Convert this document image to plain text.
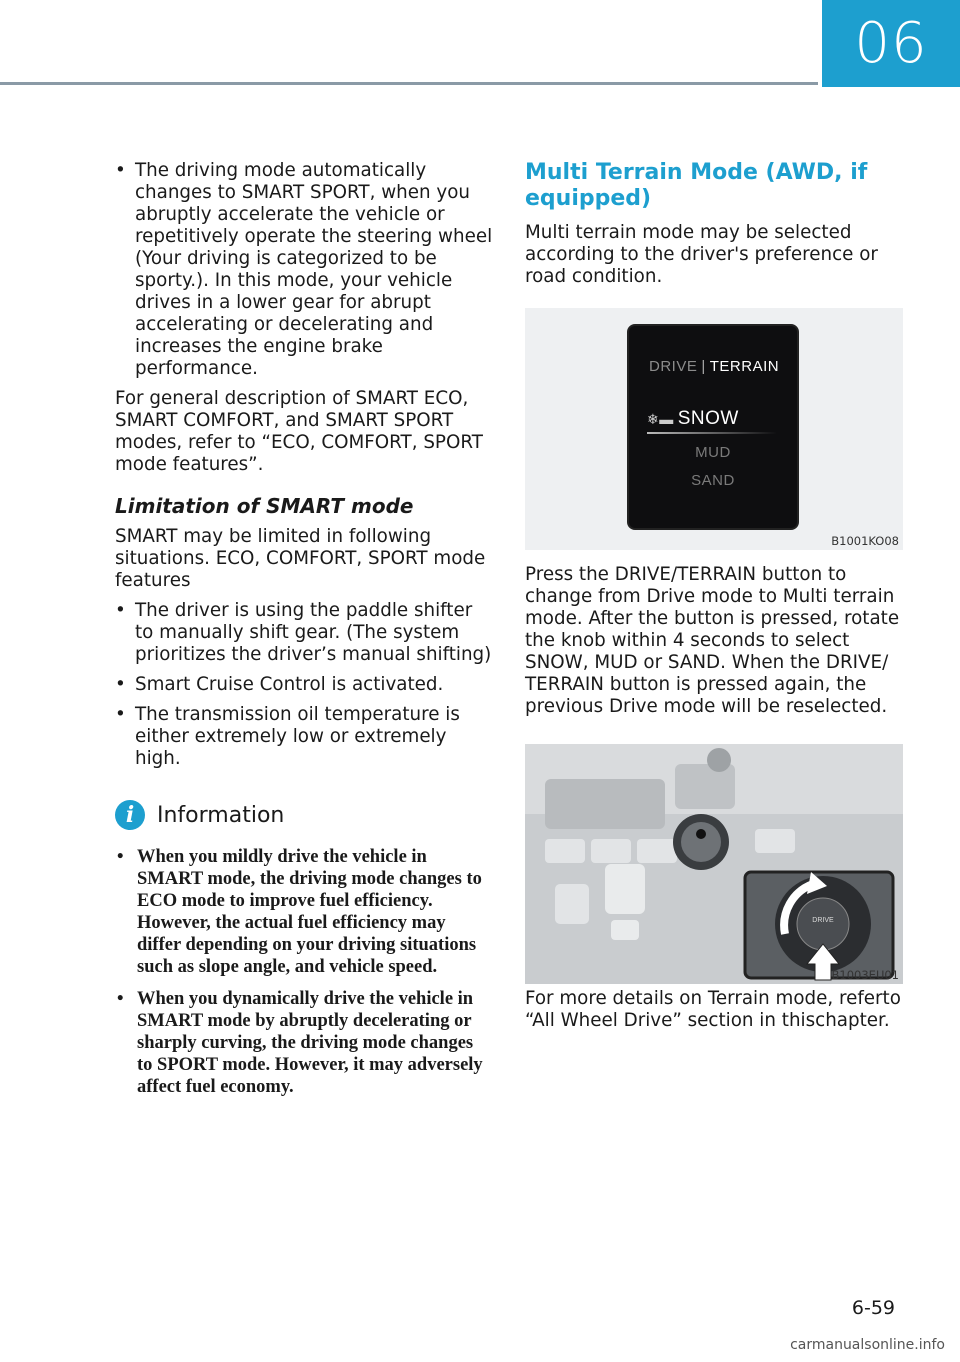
06
• The driving mode automatically changes to SMART SPORT, when you abruptly accelerate the vehicle or repetitively operate the steering wheel (Your driving is categorized to be sporty.). In this mode, your vehicle drives in a lower gear for abrupt accelerating or decelerating and increases the engine brake performance.

For general description of SMART ECO, SMART COMFORT, and SMART SPORT modes, refer to “ECO, COMFORT, SPORT mode features”.

Limitation of SMART mode

SMART may be limited in following situations. ECO, COMFORT, SPORT mode features

• The driver is using the paddle shifter to manually shift gear. (The system prioritizes the driver’s manual shifting)
• Smart Cruise Control is activated.
• The transmission oil temperature is either extremely low or extremely high.
i	Information
• When you mildly drive the vehicle in SMART mode, the driving mode changes to ECO mode to improve fuel efficiency. However, the actual fuel efficiency may differ depending on your driving situations such as slope angle, and vehicle speed.
• When you dynamically drive the vehicle in SMART mode by abruptly decelerating or sharply curving, the driving mode changes to SPORT mode. However, it may adversely affect fuel economy.
Multi Terrain Mode (AWD, if equipped)

Multi terrain mode may be selected according to the driver's preference or road condition.

DRIVE | TERRAIN
❄▬ SNOW
MUD
SAND
B1001KO08

Press the DRIVE/TERRAIN button to change from Drive mode to Multi terrain mode. After the button is pressed, rotate the knob within 4 seconds to select SNOW, MUD or SAND. When the DRIVE/ TERRAIN button is pressed again, the previous Drive mode will be reselected.

DRIVE
B1003EU01

For more details on Terrain mode, referto “All Wheel Drive” section in thischapter.

6-59
carmanualsonline.info
